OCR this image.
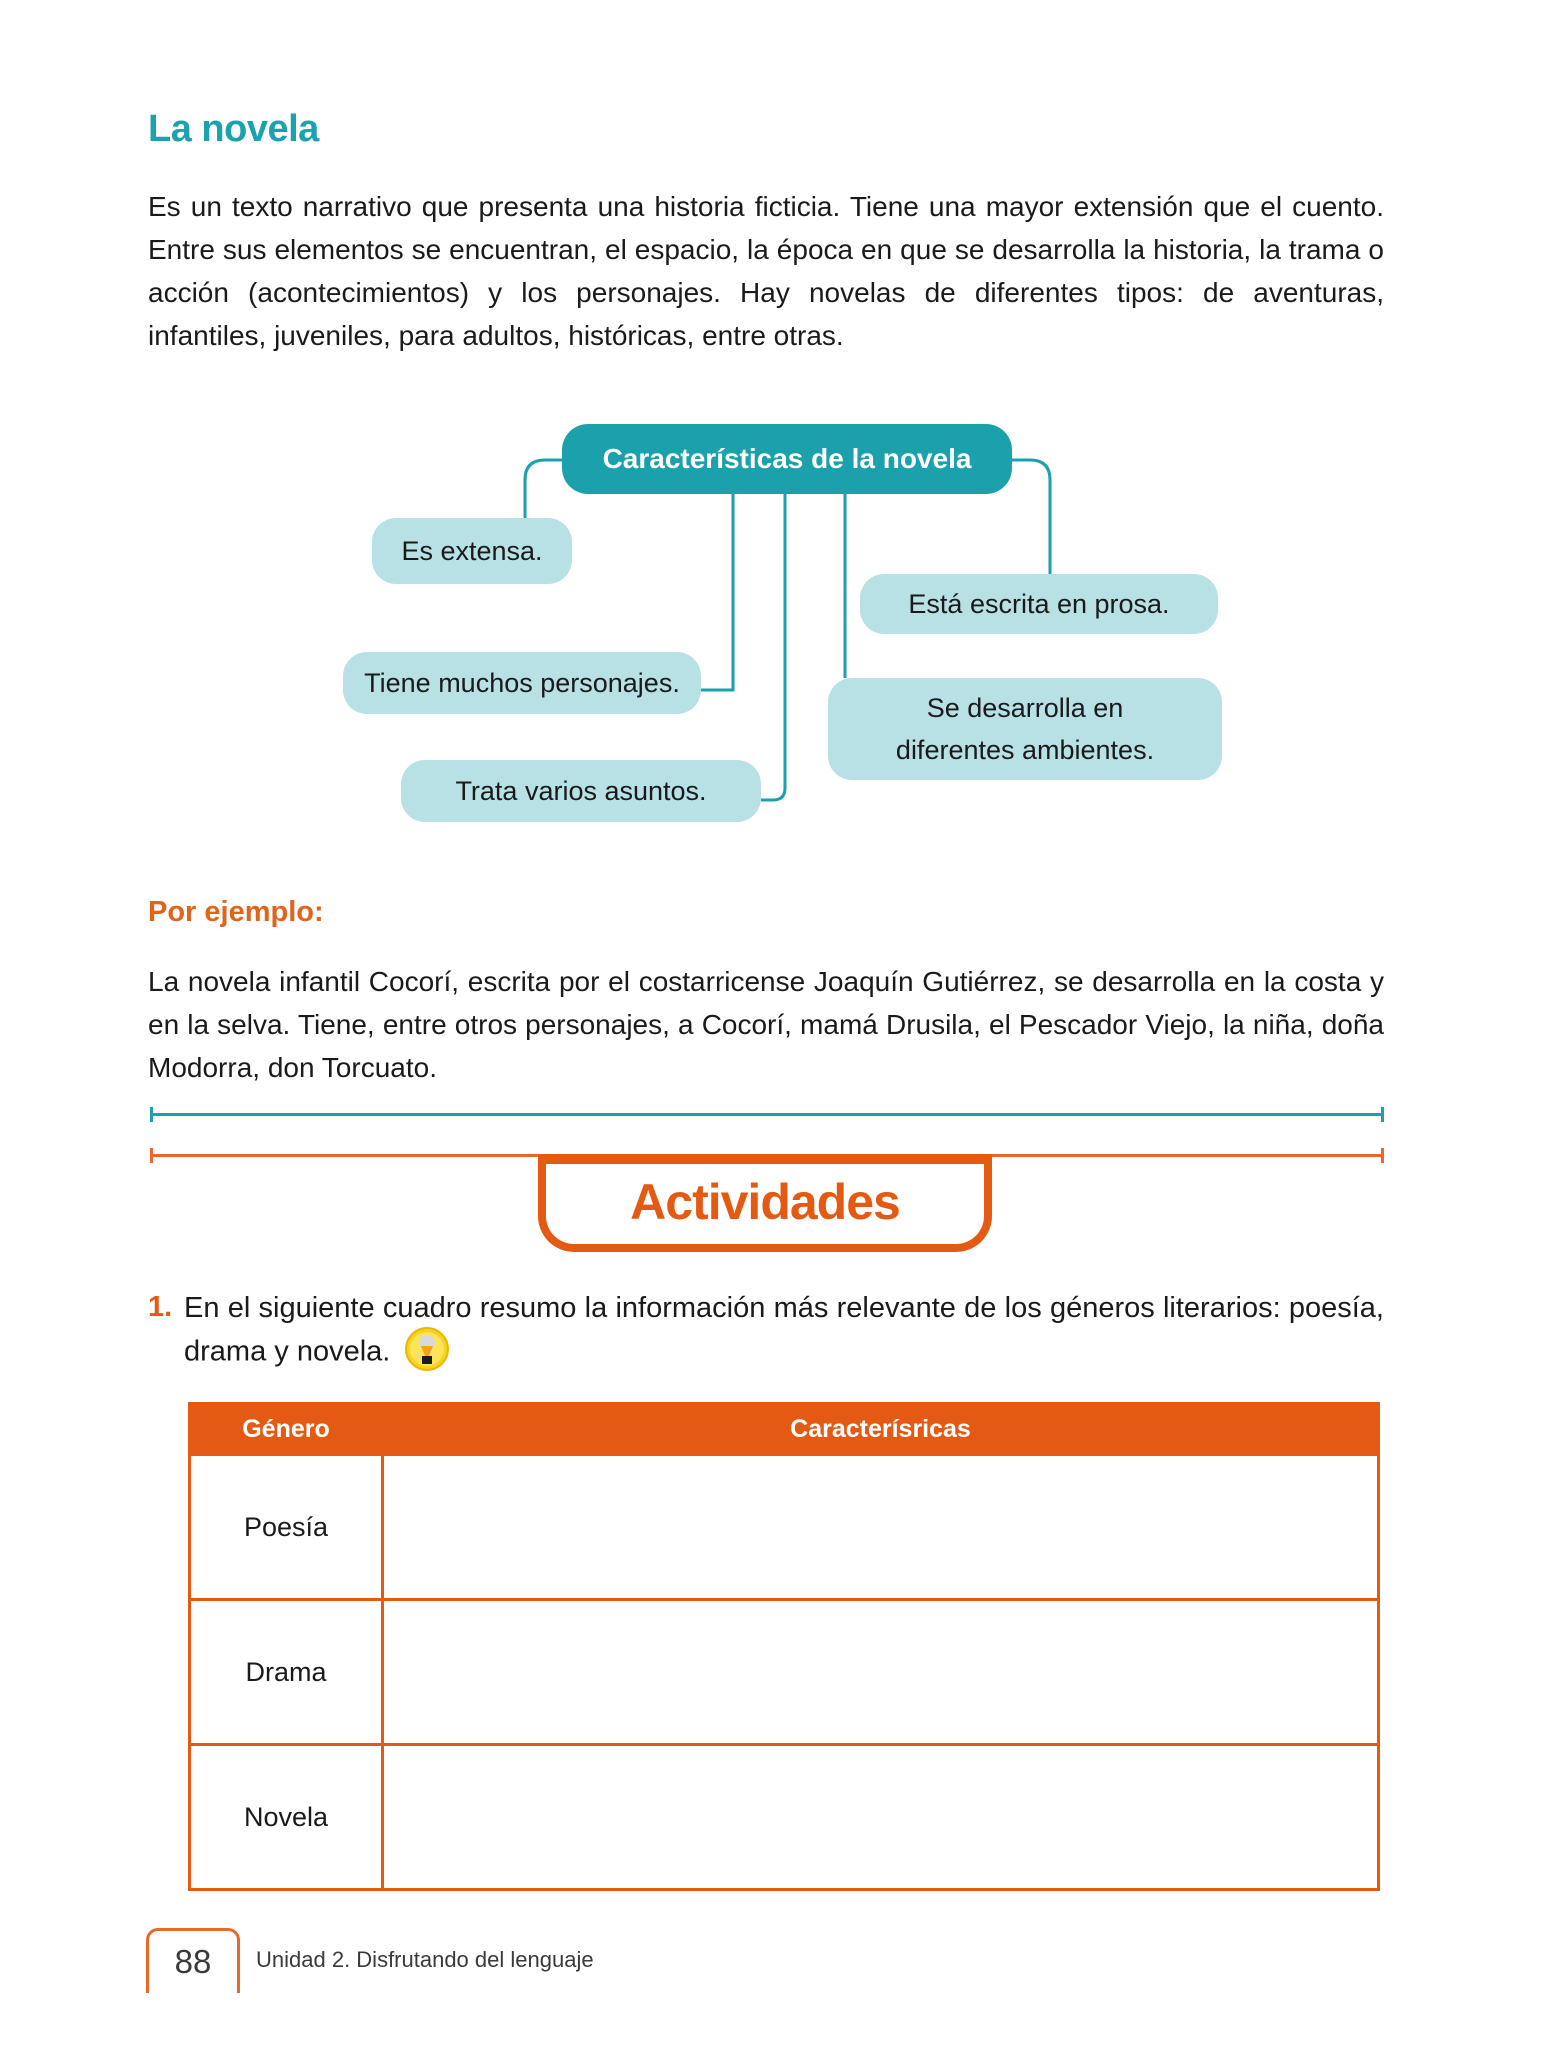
La novela
Es un texto narrativo que presenta una historia ficticia. Tiene una mayor extensión que el cuento. Entre sus elementos se encuentran, el espacio, la época en que se desarrolla la historia, la trama o acción (acontecimientos) y los personajes. Hay novelas de diferentes tipos: de aventuras, infantiles, juveniles, para adultos, históricas, entre otras.
Características de la novela
Es extensa.
Tiene muchos personajes.
Trata varios asuntos.
Está escrita en prosa.
Se desarrolla en diferentes ambientes.
Por ejemplo:
La novela infantil Cocorí, escrita por el costarricense Joaquín Gutiérrez, se desarrolla en la costa y en la selva. Tiene, entre otros personajes, a Cocorí, mamá Drusila, el Pescador Viejo, la niña, doña Modorra, don Torcuato.
Actividades
1. En el siguiente cuadro resumo la información más relevante de los géneros literarios: poesía, drama y novela.
Género	Caracterísricas
Poesía	
Drama	
Novela	
88	Unidad 2. Disfrutando del lenguaje
